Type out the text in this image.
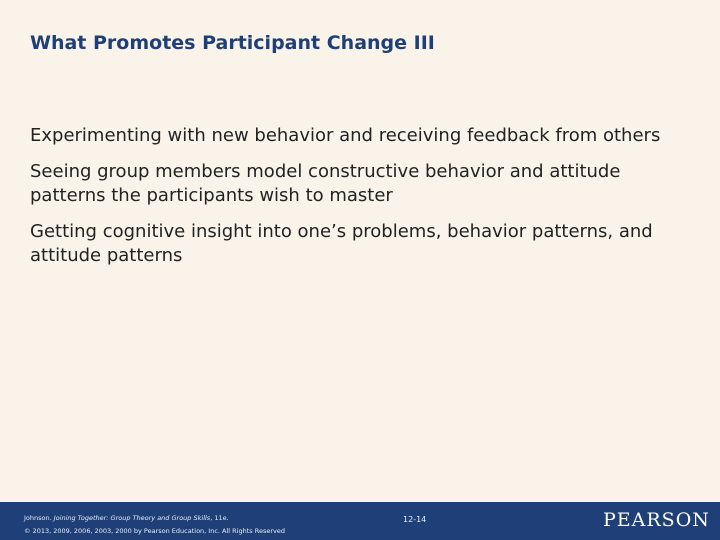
What Promotes Participant Change III

Experimenting with new behavior and receiving feedback from others

Seeing group members model constructive behavior and attitude patterns the participants wish to master

Getting cognitive insight into one’s problems, behavior patterns, and attitude patterns

Johnson. Joining Together: Group Theory and Group Skills, 11e.
© 2013, 2009, 2006, 2003, 2000 by Pearson Education, Inc. All Rights Reserved
12-14	PEARSON
